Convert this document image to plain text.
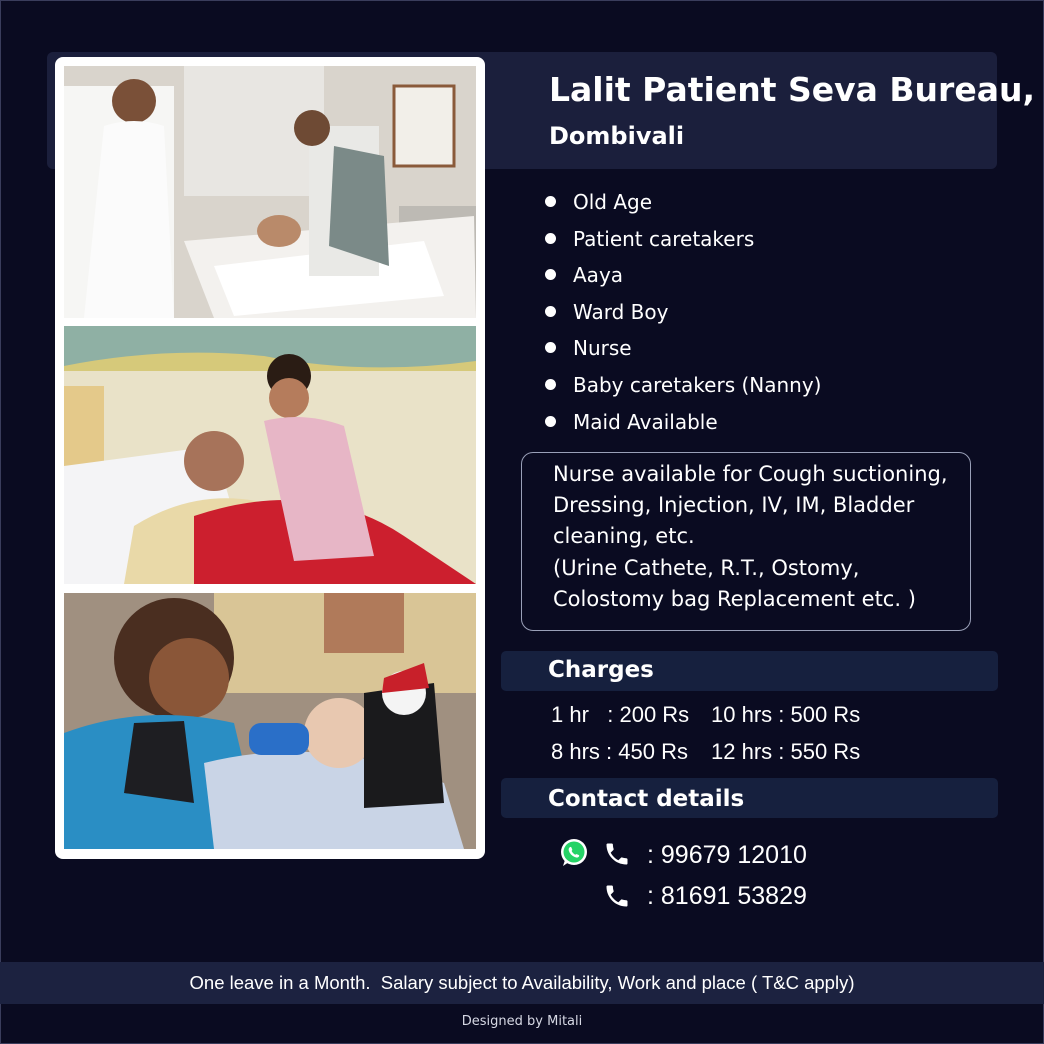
Lalit Patient Seva Bureau,
Dombivali
Old Age
Patient caretakers
Aaya
Ward Boy
Nurse
Baby caretakers (Nanny)
Maid Available
Nurse available for Cough suctioning,
Dressing, Injection, IV, IM, Bladder
cleaning, etc.
(Urine Cathete, R.T., Ostomy,
Colostomy bag Replacement etc. )
Charges
1 hr   : 200 Rs 10 hrs : 500 Rs
8 hrs : 450 Rs 12 hrs : 550 Rs
Contact details
: 99679 12010
: 81691 53829
One leave in a Month.  Salary subject to Availability, Work and place ( T&C apply)
Designed by Mitali
